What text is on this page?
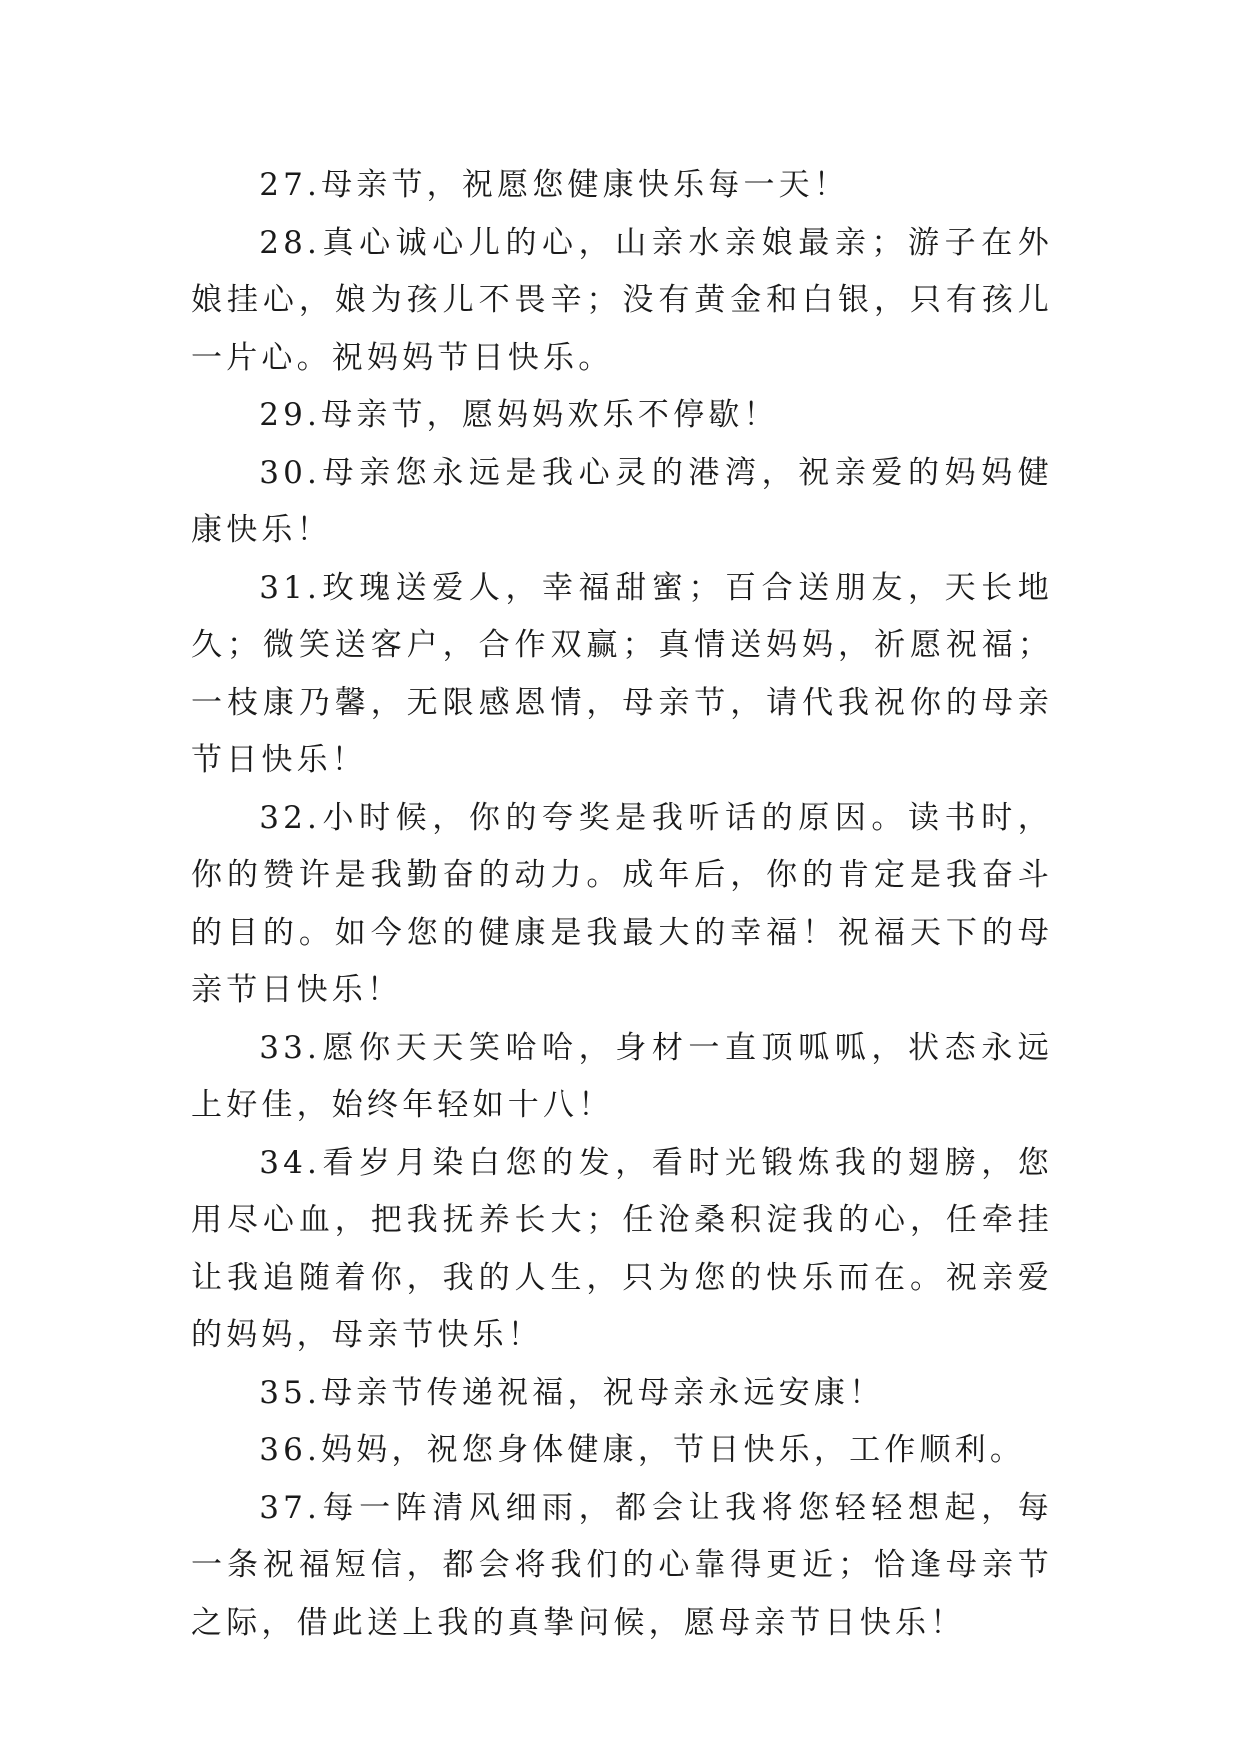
27.母亲节，祝愿您健康快乐每一天！

28.真心诚心儿的心，山亲水亲娘最亲；游子在外娘挂心，娘为孩儿不畏辛；没有黄金和白银，只有孩儿一片心。祝妈妈节日快乐。

29.母亲节，愿妈妈欢乐不停歇！

30.母亲您永远是我心灵的港湾，祝亲爱的妈妈健康快乐！

31.玫瑰送爱人，幸福甜蜜；百合送朋友，天长地久；微笑送客户，合作双赢；真情送妈妈，祈愿祝福；一枝康乃馨，无限感恩情，母亲节，请代我祝你的母亲节日快乐！

32.小时候，你的夸奖是我听话的原因。读书时，你的赞许是我勤奋的动力。成年后，你的肯定是我奋斗的目的。如今您的健康是我最大的幸福！祝福天下的母亲节日快乐！

33.愿你天天笑哈哈，身材一直顶呱呱，状态永远上好佳，始终年轻如十八！

34.看岁月染白您的发，看时光锻炼我的翅膀，您用尽心血，把我抚养长大；任沧桑积淀我的心，任牵挂让我追随着你，我的人生，只为您的快乐而在。祝亲爱的妈妈，母亲节快乐！

35.母亲节传递祝福，祝母亲永远安康！

36.妈妈，祝您身体健康，节日快乐，工作顺利。

37.每一阵清风细雨，都会让我将您轻轻想起，每一条祝福短信，都会将我们的心靠得更近；恰逢母亲节之际，借此送上我的真挚问候，愿母亲节日快乐！
